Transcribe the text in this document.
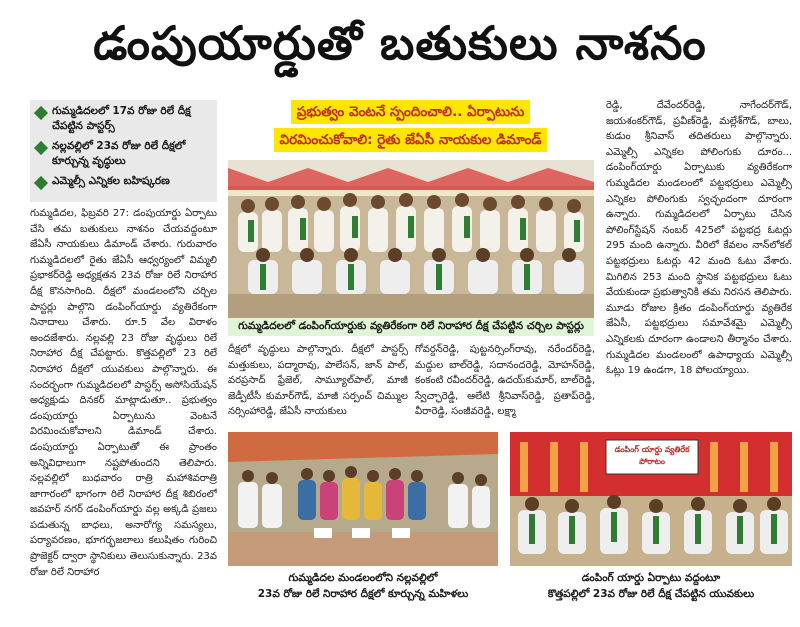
డంపుయార్డుతో బతుకులు నాశనం
గుమ్మడిదలలో 17వ రోజు రిలే దీక్ష చేపట్టిన పాస్టర్స్
నల్లవల్లిలో 23వ రోజు రిలే దీక్షలో కూర్చున్న వృద్ధులు
ఎమ్మెల్సీ ఎన్నికల బహిష్కరణ
గుమ్మడిదల, ఫిబ్రవరి 27: డంపుయార్డు ఏర్పాటు చేసి తమ బతుకులు నాశనం చేయవద్దంటూ జేఏసీ నాయకులు డిమాండ్ చేశారు. గురువారం గుమ్మడిదలలో రైతు జేఏసీ ఆధ్వర్యంలో విమ్మలి ప్రభాకర్‌రెడ్డి అధ్యక్షతన 23వ రోజు రిలే నిరాహార దీక్ష కొనసాగింది. దీక్షలో మండలంలోని చర్చిల పాస్టర్లు పాల్గొని డంపింగ్‌యార్డు వ్యతిరేకంగా నినాదాలు చేశారు. రూ.5 వేల విరాళం అందజేశారు. నల్లవల్లి 23 రోజు వృద్ధులు రిలే నిరాహార దీక్ష చేపట్టారు. కొత్తపల్లిలో 23 రిలే నిరాహార దీక్షలో యువకులు పాల్గొన్నారు. ఈ సందర్భంగా గుమ్మడిదలలో పాస్టర్స్ అసోసియేషన్ అధ్యక్షుడు దినకర్ మాట్లాడుతూ.. ప్రభుత్వం డంపుయార్డు ఏర్పాటును వెంటనే విరమించుకోవాలని డిమాండ్ చేశారు. డంపుయార్డు ఏర్పాటుతో ఈ ప్రాంతం అన్నివిధాలుగా నష్టపోతుందని తెలిపారు. నల్లవల్లిలో బుధవారం రాత్రి మహాశివరాత్రి జాగారంలో భాగంగా రిలే నిరాహార దీక్ష శిబిరంలో జవహర్ నగర్ డంపింగ్‌యార్డు వల్ల అక్కడి ప్రజలు పడుతున్న బాధలు, అనారోగ్య సమస్యలు, పర్యావరణం, భూగర్భజలాలు కలుషితం గురించి ప్రొజెక్టర్ ద్వారా స్థానికులు తెలుసుకున్నారు. 23వ రోజు రిలే నిరాహార
ప్రభుత్వం వెంటనే స్పందించాలి.. ఏర్పాటును
విరమించుకోవాలి: రైతు జేఏసీ నాయకుల డిమాండ్
గుమ్మడిదలలో డంపింగ్‌యార్డుకు వ్యతిరేకంగా రిలే నిరాహార దీక్ష చేపట్టిన చర్చిల పాస్టర్లు
దీక్షలో వృద్ధులు పాల్గొన్నారు. దీక్షలో పాస్టర్స్ మత్తుకులు, పద్మారావు, పాలేసన్, జాన్ పాల్, వరప్రసాద్ ఫ్రేజెల్, సామ్యూల్‌పాల్, మాజీ జెడ్పీటీసీ కుమార్‌గౌడ్, మాజీ సర్పంచ్ చిమ్ముల నర్సింహారెడ్డి, జేఏసీ నాయకులు
గోవర్దన్‌రెడ్డి, పుట్టనర్సింగ్‌రావు, నరేందర్‌రెడ్డి, మద్దుల బాల్‌రెడ్డి, సదానందరెడ్డి, మోహన్‌రెడ్డి, కంకంటి రవీందర్‌రెడ్డి, ఉదయ్‌కుమార్, బాల్‌రెడ్డి, స్వేచ్ఛారెడ్డి, ఆలేటి శ్రీనివాస్‌రెడ్డి, ప్రతాప్‌రెడ్డి, వీరారెడ్డి, సంజీవరెడ్డి, లక్ష్మా
రెడ్డి, దేవేందర్‌రెడ్డి, నాగేందర్‌గౌడ్, జయశంకర్‌గౌడ్, ప్రవీణ్‌రెడ్డి, మల్లేశ్‌గౌడ్, బాలు, కుడుం శ్రీనివాస్ తదితరులు పాల్గొన్నారు. ఎమ్మెల్సీ ఎన్నికల పోలింగుకు దూరం... డంపింగ్‌యార్డు ఏర్పాటుకు వ్యతిరేకంగా గుమ్మడిదల మండలంలో పట్టభద్రులు ఎమ్మెల్సీ ఎన్నికల పోలింగుకు స్వచ్ఛందంగా దూరంగా ఉన్నారు. గుమ్మడిదలలో ఏర్పాటు చేసిన పోలింగ్‌స్టేషన్ నంబర్ 425లో పట్టభద్ర ఓటర్లు 295 మంది ఉన్నారు. వీరిలో కేవలం నాన్‌లోకల్ పట్టభద్రులు ఓటర్లు 42 మంది ఓటు వేశారు. మిగిలిన 253 మంది స్థానిక పట్టభద్రులు ఓటు వేయకుండా ప్రభుత్వానికి తమ నిరసన తెలిపారు. మూడు రోజుల క్రితం డంపింగ్‌యార్డు వ్యతిరేక జేఏసీ, పట్టభద్రులు సమావేశమై ఎమ్మెల్సీ ఎన్నికలకు దూరంగా ఉండాలని తీర్మానం చేశారు. గుమ్మడిదల మండలంలో ఉపాధ్యాయ ఎమ్మెల్సీ ఓట్లు 19 ఉండగా, 18 పోలయ్యాయి.
గుమ్మడిదల మండలంలోని నల్లవల్లిలో
23వ రోజు రిలే నిరాహార దీక్షలో కూర్చున్న మహిళలు
డంపింగ్ యార్డు వ్యతిరేక పోరాటం
డంపింగ్ యార్డు ఏర్పాటు వద్దంటూ
కొత్తపల్లిలో 23వ రోజు రిలే దీక్ష చేపట్టిన యువకులు
